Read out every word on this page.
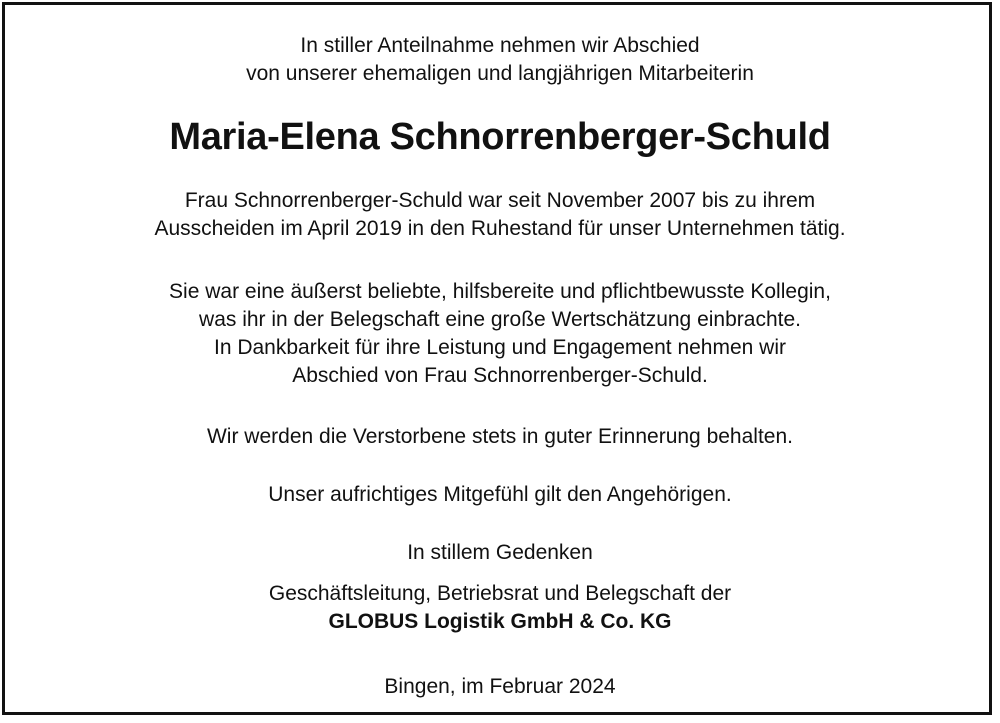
In stiller Anteilnahme nehmen wir Abschied
von unserer ehemaligen und langjährigen Mitarbeiterin
Maria-Elena Schnorrenberger-Schuld
Frau Schnorrenberger-Schuld war seit November 2007 bis zu ihrem
Ausscheiden im April 2019 in den Ruhestand für unser Unternehmen tätig.
Sie war eine äußerst beliebte, hilfsbereite und pflichtbewusste Kollegin,
was ihr in der Belegschaft eine große Wertschätzung einbrachte.
In Dankbarkeit für ihre Leistung und Engagement nehmen wir
Abschied von Frau Schnorrenberger-Schuld.
Wir werden die Verstorbene stets in guter Erinnerung behalten.
Unser aufrichtiges Mitgefühl gilt den Angehörigen.
In stillem Gedenken
Geschäftsleitung, Betriebsrat und Belegschaft der
GLOBUS Logistik GmbH & Co. KG
Bingen, im Februar 2024
